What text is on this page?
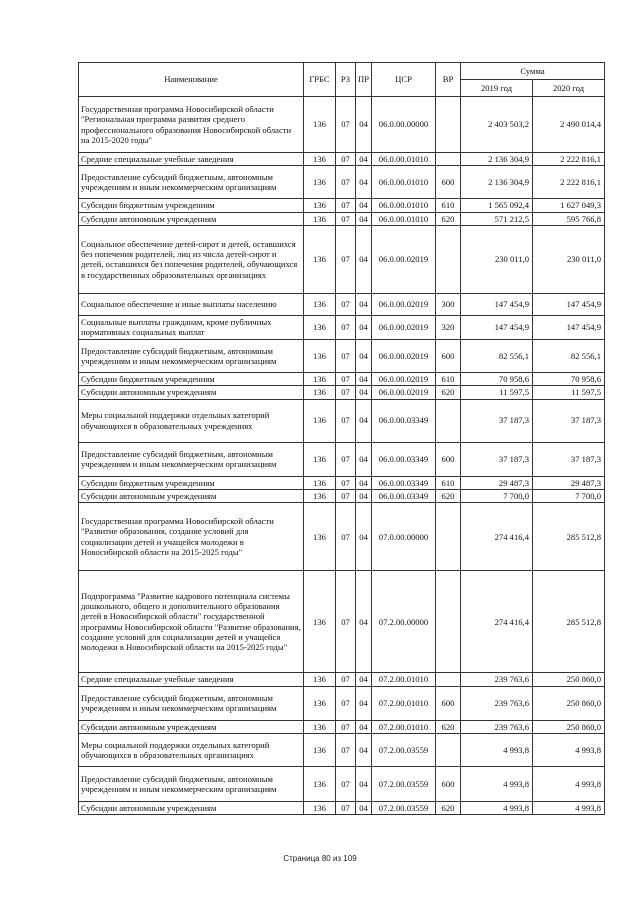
Наименование	ГРБС	РЗ	ПР	ЦСР	ВР	Сумма	
						2019 год	2020 год
Государственная программа Новосибирской области "Региональная программа развития среднего профессионального образования Новосибирской области на 2015-2020 годы"	136	07	04	06.0.00.00000		2 403 503,2	2 490 014,4
Средние специальные учебные заведения	136	07	04	06.0.00.01010		2 136 304,9	2 222 816,1
Предоставление субсидий бюджетным, автономным учреждениям и иным некоммерческим организациям	136	07	04	06.0.00.01010	600	2 136 304,9	2 222 816,1
Субсидии бюджетным учреждениям	136	07	04	06.0.00.01010	610	1 565 092,4	1 627 049,3
Субсидии автономным учреждениям	136	07	04	06.0.00.01010	620	571 212,5	595 766,8
Социальное обеспечение детей-сирот и детей, оставшихся без попечения родителей, лиц из числа детей-сирот и детей, оставшихся без попечения родителей, обучающихся в государственных образовательных организациях	136	07	04	06.0.00.02019		230 011,0	230 011,0
Социальное обеспечение и иные выплаты населению	136	07	04	06.0.00.02019	300	147 454,9	147 454,9
Социальные выплаты гражданам, кроме публичных нормативных социальных выплат	136	07	04	06.0.00.02019	320	147 454,9	147 454,9
Предоставление субсидий бюджетным, автономным учреждениям и иным некоммерческим организациям	136	07	04	06.0.00.02019	600	82 556,1	82 556,1
Субсидии бюджетным учреждениям	136	07	04	06.0.00.02019	610	70 958,6	70 958,6
Субсидии автономным учреждениям	136	07	04	06.0.00.02019	620	11 597,5	11 597,5
Меры социальной поддержки отдельных категорий обучающихся в образовательных учреждениях	136	07	04	06.0.00.03349		37 187,3	37 187,3
Предоставление субсидий бюджетным, автономным учреждениям и иным некоммерческим организациям	136	07	04	06.0.00.03349	600	37 187,3	37 187,3
Субсидии бюджетным учреждениям	136	07	04	06.0.00.03349	610	29 487,3	29 487,3
Субсидии автономным учреждениям	136	07	04	06.0.00.03349	620	7 700,0	7 700,0
Государственная программа Новосибирской области "Развитие образования, создание условий для социализации детей и учащейся молодежи в Новосибирской области на 2015-2025 годы"	136	07	04	07.0.00.00000		274 416,4	285 512,8
Подпрограмма "Развитие кадрового потенциала системы дошкольного, общего и дополнительного образования детей в Новосибирской области" государственной программы Новосибирской области "Развитие образования, создание условий для социализации детей и учащейся молодежи в Новосибирской области на 2015-2025 годы"	136	07	04	07.2.00.00000		274 416,4	285 512,8
Средние специальные учебные заведения	136	07	04	07.2.00.01010		239 763,6	250 860,0
Предоставление субсидий бюджетным, автономным учреждениям и иным некоммерческим организациям	136	07	04	07.2.00.01010	600	239 763,6	250 860,0
Субсидии автономным учреждениям	136	07	04	07.2.00.01010	620	239 763,6	250 860,0
Меры социальной поддержки отдельных категорий обучающихся в образовательных организациях	136	07	04	07.2.00.03559		4 993,8	4 993,8
Предоставление субсидий бюджетным, автономным учреждениям и иным некоммерческим организациям	136	07	04	07.2.00.03559	600	4 993,8	4 993,8
Субсидии автономным учреждениям	136	07	04	07.2.00.03559	620	4 993,8	4 993,8
Страница 80 из 109
